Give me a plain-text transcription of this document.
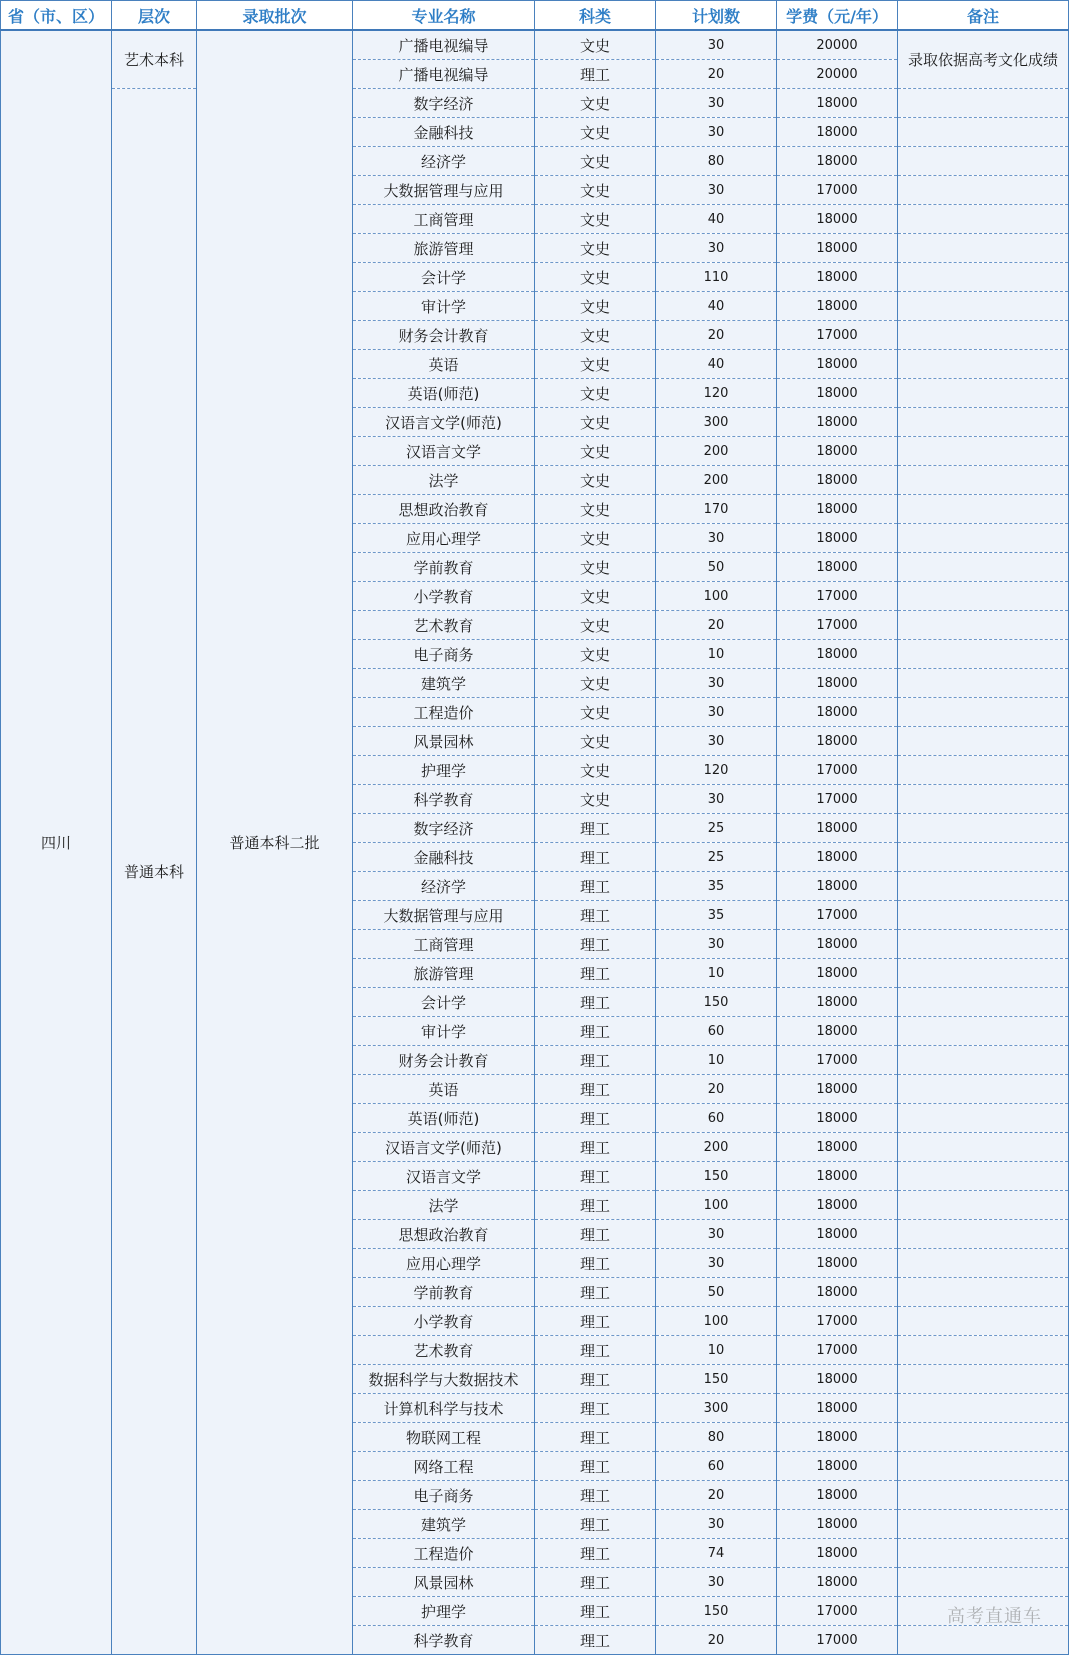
省（市、区）	层次	录取批次	专业名称	科类	计划数	学费（元/年）	备注
四川	艺术本科	普通本科二批	广播电视编导	文史	30	20000	录取依据高考文化成绩
			广播电视编导	理工	20	20000	
	普通本科		数字经济	文史	30	18000	
			金融科技	文史	30	18000	
			经济学	文史	80	18000	
			大数据管理与应用	文史	30	17000	
			工商管理	文史	40	18000	
			旅游管理	文史	30	18000	
			会计学	文史	110	18000	
			审计学	文史	40	18000	
			财务会计教育	文史	20	17000	
			英语	文史	40	18000	
			英语(师范)	文史	120	18000	
			汉语言文学(师范)	文史	300	18000	
			汉语言文学	文史	200	18000	
			法学	文史	200	18000	
			思想政治教育	文史	170	18000	
			应用心理学	文史	30	18000	
			学前教育	文史	50	18000	
			小学教育	文史	100	17000	
			艺术教育	文史	20	17000	
			电子商务	文史	10	18000	
			建筑学	文史	30	18000	
			工程造价	文史	30	18000	
			风景园林	文史	30	18000	
			护理学	文史	120	17000	
			科学教育	文史	30	17000	
			数字经济	理工	25	18000	
			金融科技	理工	25	18000	
			经济学	理工	35	18000	
			大数据管理与应用	理工	35	17000	
			工商管理	理工	30	18000	
			旅游管理	理工	10	18000	
			会计学	理工	150	18000	
			审计学	理工	60	18000	
			财务会计教育	理工	10	17000	
			英语	理工	20	18000	
			英语(师范)	理工	60	18000	
			汉语言文学(师范)	理工	200	18000	
			汉语言文学	理工	150	18000	
			法学	理工	100	18000	
			思想政治教育	理工	30	18000	
			应用心理学	理工	30	18000	
			学前教育	理工	50	18000	
			小学教育	理工	100	17000	
			艺术教育	理工	10	17000	
			数据科学与大数据技术	理工	150	18000	
			计算机科学与技术	理工	300	18000	
			物联网工程	理工	80	18000	
			网络工程	理工	60	18000	
			电子商务	理工	20	18000	
			建筑学	理工	30	18000	
			工程造价	理工	74	18000	
			风景园林	理工	30	18000	
			护理学	理工	150	17000	
			科学教育	理工	20	17000	
高考直通车
